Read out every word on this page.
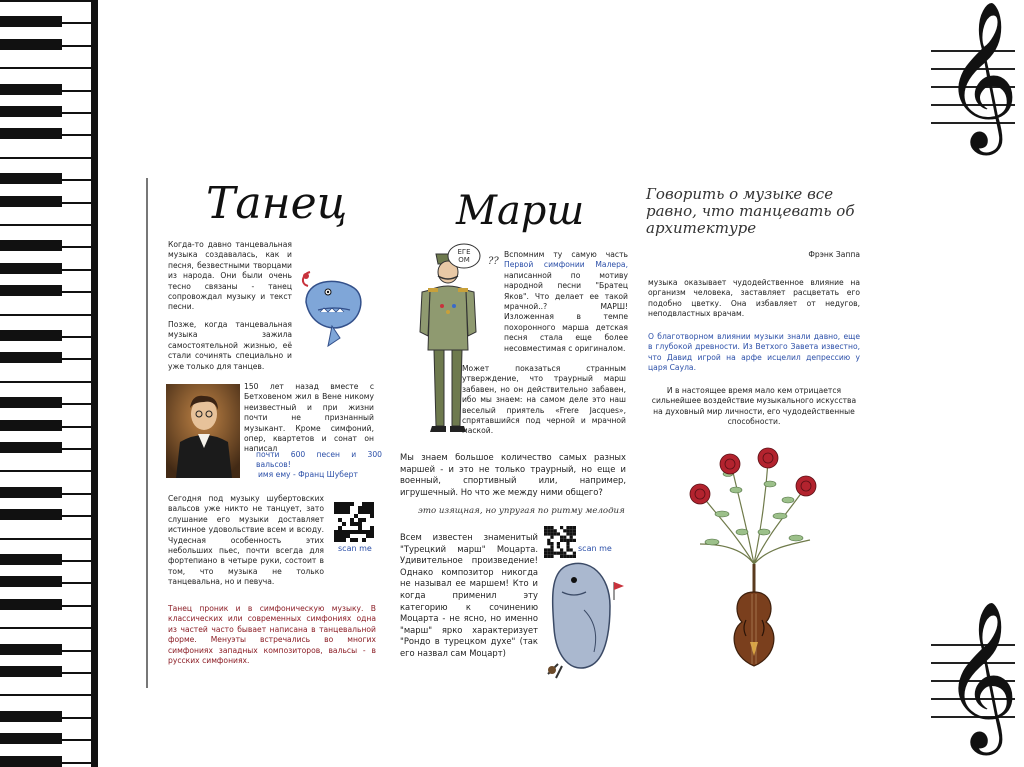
𝄞
𝄞
Танец

Когда-то давно танцевальная музыка создавалась, как и песня, безвестными творцами из народа. Они были очень тесно связаны - танец сопровождал музыку и текст песни.

Позже, когда танцевальная музыка зажила самостоятельной жизнью, её стали сочинять специально и уже только для танцев.

150 лет назад вместе с Бетховеном жил в Вене никому неизвестный и при жизни почти не признанный музыкант. Кроме симфоний, опер, квартетов и сонат он написал

почти 600 песен и 300 вальсов!

имя ему - Франц Шуберт

Сегодня под музыку шубертовских вальсов уже никто не танцует, зато слушание его музыки доставляет истинное удовольствие всем и всюду. Чудесная особенность этих небольших пьес, почти всегда для фортепиано в четыре руки, состоит в том, что музыка не только танцевальна, но и певуча.

scan me

Танец проник и в симфоническую музыку. В классических или современных симфониях одна из частей часто бывает написана в танцевальной форме. Менуэты встречались во многих симфониях западных композиторов, вальсы - в русских симфониях.

Марш
ЕГЕ
ОМ ??

Вспомним ту самую часть Первой симфонии Малера, написанной по мотиву народной песни "Братец Яков". Что делает ее такой мрачной..? МАРШ! Изложенная в темпе похоронного марша детская песня стала еще более несовместимая с оригиналом.

Может показаться странным утверждение, что траурный марш забавен, но он действительно забавен, ибо мы знаем: на самом деле это наш веселый приятель «Frere Jacques», спрятавшийся под черной и мрачной маской.

Мы знаем большое количество самых разных маршей - и это не только траурный, но еще и военный, спортивный или, например, игрушечный. Но что же между ними общего?

это изящная, но упругая по ритму мелодия

Всем известен знаменитый "Турецкий марш" Моцарта. Удивительное произведение! Однако композитор никогда не называл ее маршем! Кто и когда применил эту категорию к сочинению Моцарта - не ясно, но именно "марш" ярко характеризует "Рондо в турецком духе" (так его назвал сам Моцарт)

scan me
Говорить о музыке все равно, что танцевать об архитектуре
Фрэнк Заппа

музыка оказывает чудодейственное влияние на организм человека, заставляет расцветать его подобно цветку. Она избавляет от недугов, неподвластных врачам.

О благотворном влиянии музыки знали давно, еще в глубокой древности. Из Ветхого Завета известно, что Давид игрой на арфе исцелил депрессию у царя Саула.

И в настоящее время мало кем отрицается сильнейшее воздействие музыкального искусства на духовный мир личности, его чудодейственные способности.
